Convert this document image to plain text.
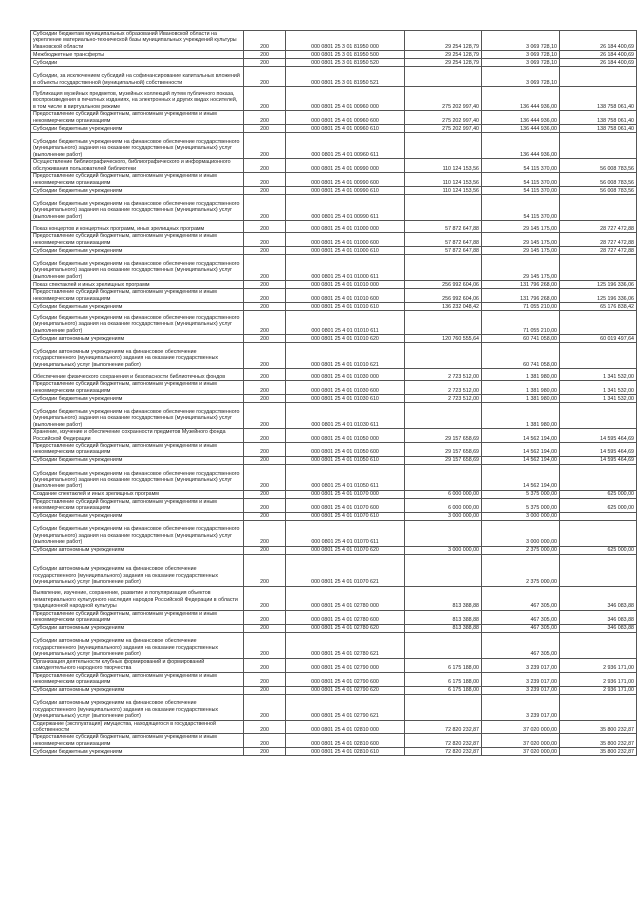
Субсидии бюджетам муниципальных образований Ивановской области на укрепление материально-технической базы муниципальных учреждений культуры Ивановской области	200	000 0801 25 3 01 81950 000	29 254 128,79	3 069 728,10	26 184 400,69
Межбюджетные трансферты	200	000 0801 25 3 01 81950 500	29 254 128,79	3 069 728,10	26 184 400,69
Субсидии	200	000 0801 25 3 01 81950 520	29 254 128,79	3 069 728,10	26 184 400,69
Субсидии, за исключением субсидий на софинансирование капитальных вложений в объекты государственной (муниципальной) собственности	200	000 0801 25 3 01 81950 521		3 069 728,10	
Публикация музейных предметов, музейных коллекций путем публичного показа, воспроизведения в печатных изданиях, на электронных и других видах носителей, в том числе в виртуальном режиме	200	000 0801 25 4 01 00960 000	275 202 997,40	136 444 936,00	138 758 061,40
Предоставление субсидий бюджетным, автономным учреждениям и иным некоммерческим организациям	200	000 0801 25 4 01 00960 600	275 202 997,40	136 444 936,00	138 758 061,40
Субсидии бюджетным учреждениям	200	000 0801 25 4 01 00960 610	275 202 997,40	136 444 936,00	138 758 061,40
Субсидии бюджетным учреждениям на финансовое обеспечение государственного (муниципального) задания на оказание государственных (муниципальных) услуг (выполнение работ)	200	000 0801 25 4 01 00960 611		136 444 936,00	
Осуществление библиографического, библиографического и информационного обслуживания пользователей библиотеки	200	000 0801 25 4 01 00990 000	110 124 153,56	54 115 370,00	56 008 783,56
Предоставление субсидий бюджетным, автономным учреждениям и иным некоммерческим организациям	200	000 0801 25 4 01 00990 600	110 124 153,56	54 115 370,00	56 008 783,56
Субсидии бюджетным учреждениям	200	000 0801 25 4 01 00990 610	110 124 153,56	54 115 370,00	56 008 783,56
Субсидии бюджетным учреждениям на финансовое обеспечение государственного (муниципального) задания на оказание государственных (муниципальных) услуг (выполнение работ)	200	000 0801 25 4 01 00990 611		54 115 370,00	
Показ концертов и концертных программ, иных зрелищных программ	200	000 0801 25 4 01 01000 000	57 872 647,88	29 145 175,00	28 727 472,88
Предоставление субсидий бюджетным, автономным учреждениям и иным некоммерческим организациям	200	000 0801 25 4 01 01000 600	57 872 647,88	29 145 175,00	28 727 472,88
Субсидии бюджетным учреждениям	200	000 0801 25 4 01 01000 610	57 872 647,88	29 145 175,00	28 727 472,88
Субсидии бюджетным учреждениям на финансовое обеспечение государственного (муниципального) задания на оказание государственных (муниципальных) услуг (выполнение работ)	200	000 0801 25 4 01 01000 611		29 145 175,00	
Показ спектаклей и иных зрелищных программ	200	000 0801 25 4 01 01010 000	256 992 604,06	131 796 268,00	125 196 336,06
Предоставление субсидий бюджетным, автономным учреждениям и иным некоммерческим организациям	200	000 0801 25 4 01 01010 600	256 992 604,06	131 796 268,00	125 196 336,06
Субсидии бюджетным учреждениям	200	000 0801 25 4 01 01010 610	136 232 048,42	71 055 210,00	65 176 838,42
Субсидии бюджетным учреждениям на финансовое обеспечение государственного (муниципального) задания на оказание государственных (муниципальных) услуг (выполнение работ)	200	000 0801 25 4 01 01010 611		71 055 210,00	
Субсидии автономным учреждениям	200	000 0801 25 4 01 01010 620	120 760 555,64	60 741 058,00	60 019 497,64
Субсидии автономным учреждениям на финансовое обеспечение государственного (муниципального) задания на оказание государственных (муниципальных) услуг (выполнение работ)	200	000 0801 25 4 01 01010 621		60 741 058,00	
Обеспечение физического сохранения и безопасности библиотечных фондов	200	000 0801 25 4 01 01030 000	2 723 512,00	1 381 980,00	1 341 532,00
Предоставление субсидий бюджетным, автономным учреждениям и иным некоммерческим организациям	200	000 0801 25 4 01 01030 600	2 723 512,00	1 381 980,00	1 341 532,00
Субсидии бюджетным учреждениям	200	000 0801 25 4 01 01030 610	2 723 512,00	1 381 980,00	1 341 532,00
Субсидии бюджетным учреждениям на финансовое обеспечение государственного (муниципального) задания на оказание государственных (муниципальных) услуг (выполнение работ)	200	000 0801 25 4 01 01030 611		1 381 980,00	
Хранение, изучение и обеспечение сохранности предметов Музейного фонда Российской Федерации	200	000 0801 25 4 01 01050 000	29 157 658,69	14 562 194,00	14 595 464,69
Предоставление субсидий бюджетным, автономным учреждениям и иным некоммерческим организациям	200	000 0801 25 4 01 01050 600	29 157 658,69	14 562 194,00	14 595 464,69
Субсидии бюджетным учреждениям	200	000 0801 25 4 01 01050 610	29 157 658,69	14 562 194,00	14 595 464,69
Субсидии бюджетным учреждениям на финансовое обеспечение государственного (муниципального) задания на оказание государственных (муниципальных) услуг (выполнение работ)	200	000 0801 25 4 01 01050 611		14 562 194,00	
Создание спектаклей и иных зрелищных программ	200	000 0801 25 4 01 01070 000	6 000 000,00	5 375 000,00	625 000,00
Предоставление субсидий бюджетным, автономным учреждениям и иным некоммерческим организациям	200	000 0801 25 4 01 01070 600	6 000 000,00	5 375 000,00	625 000,00
Субсидии бюджетным учреждениям	200	000 0801 25 4 01 01070 610	3 000 000,00	3 000 000,00	
Субсидии бюджетным учреждениям на финансовое обеспечение государственного (муниципального) задания на оказание государственных (муниципальных) услуг (выполнение работ)	200	000 0801 25 4 01 01070 611		3 000 000,00	
Субсидии автономным учреждениям	200	000 0801 25 4 01 01070 620	3 000 000,00	2 375 000,00	625 000,00
Субсидии автономным учреждениям на финансовое обеспечение государственного (муниципального) задания на оказание государственных (муниципальных) услуг (выполнение работ)	200	000 0801 25 4 01 01070 621		2 375 000,00	
Выявление, изучение, сохранение, развитие и популяризация объектов нематериального культурного наследия народов Российской Федерации в области традиционной народной культуры	200	000 0801 25 4 01 02780 000	813 388,88	467 305,00	346 083,88
Предоставление субсидий бюджетным, автономным учреждениям и иным некоммерческим организациям	200	000 0801 25 4 01 02780 600	813 388,88	467 305,00	346 083,88
Субсидии автономным учреждениям	200	000 0801 25 4 01 02780 620	813 388,88	467 305,00	346 083,88
Субсидии автономным учреждениям на финансовое обеспечение государственного (муниципального) задания на оказание государственных (муниципальных) услуг (выполнение работ)	200	000 0801 25 4 01 02780 621		467 305,00	
Организация деятельности клубных формирований и формирований самодеятельного народного творчества	200	000 0801 25 4 01 02790 000	6 175 188,00	3 239 017,00	2 936 171,00
Предоставление субсидий бюджетным, автономным учреждениям и иным некоммерческим организациям	200	000 0801 25 4 01 02790 600	6 175 188,00	3 239 017,00	2 936 171,00
Субсидии автономным учреждениям	200	000 0801 25 4 01 02790 620	6 175 188,00	3 239 017,00	2 936 171,00
Субсидии автономным учреждениям на финансовое обеспечение государственного (муниципального) задания на оказание государственных (муниципальных) услуг (выполнение работ)	200	000 0801 25 4 01 02790 621		3 239 017,00	
Содержание (эксплуатация) имущества, находящегося в государственной собственности	200	000 0801 25 4 01 02810 000	72 820 232,87	37 020 000,00	35 800 232,87
Предоставление субсидий бюджетным, автономным учреждениям и иным некоммерческим организациям	200	000 0801 25 4 01 02810 600	72 820 232,87	37 020 000,00	35 800 232,87
Субсидии бюджетным учреждениям	200	000 0801 25 4 01 02810 610	72 820 232,87	37 020 000,00	35 800 232,87
